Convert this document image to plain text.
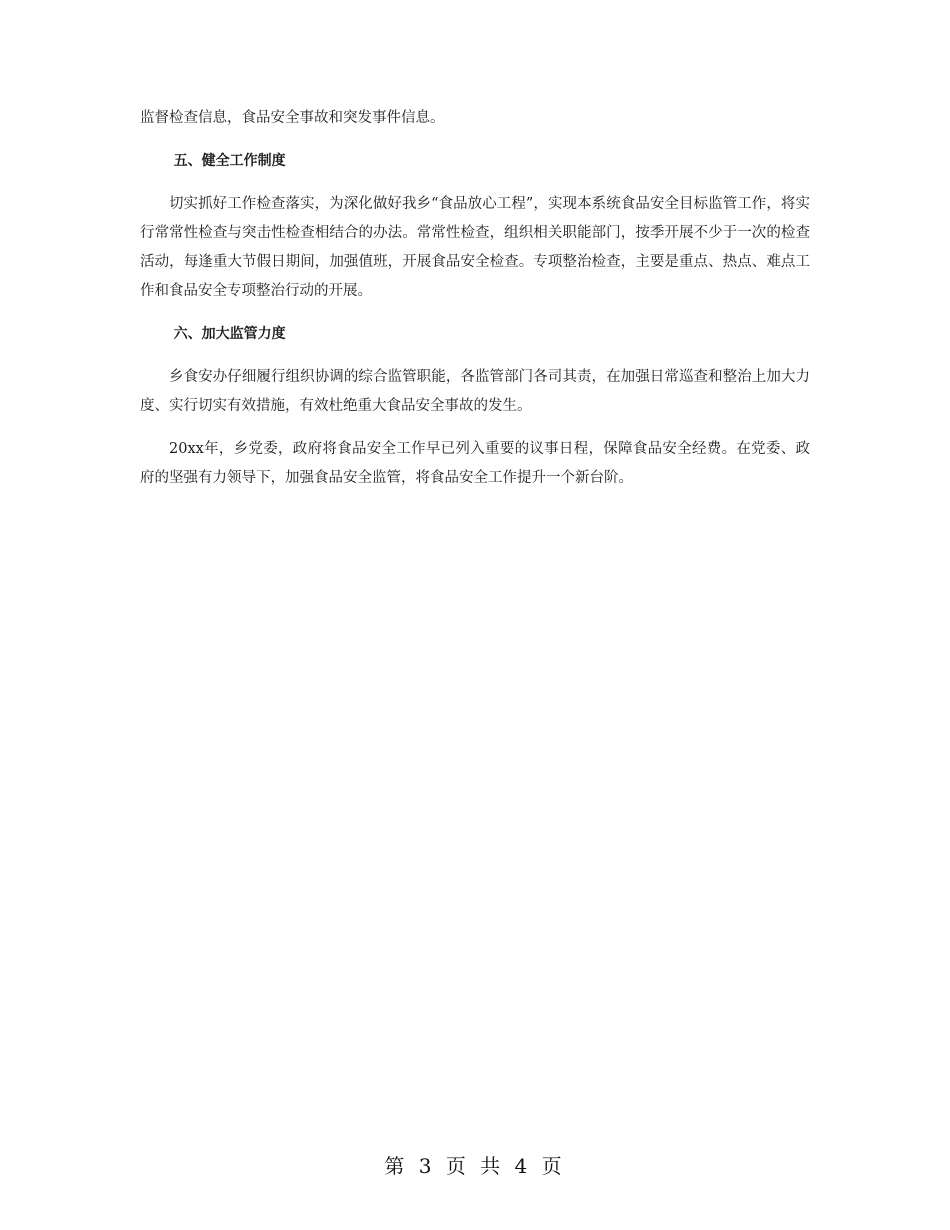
监督检查信息，食品安全事故和突发事件信息。

五、健全工作制度

切实抓好工作检查落实，为深化做好我乡“食品放心工程”，实现本系统食品安全目标监管工作，将实行常常性检查与突击性检查相结合的办法。常常性检查，组织相关职能部门，按季开展不少于一次的检查活动，每逢重大节假日期间，加强值班，开展食品安全检查。专项整治检查，主要是重点、热点、难点工作和食品安全专项整治行动的开展。

六、加大监管力度

乡食安办仔细履行组织协调的综合监管职能，各监管部门各司其责，在加强日常巡查和整治上加大力度、实行切实有效措施，有效杜绝重大食品安全事故的发生。

20xx年，乡党委，政府将食品安全工作早已列入重要的议事日程，保障食品安全经费。在党委、政府的坚强有力领导下，加强食品安全监管，将食品安全工作提升一个新台阶。

第 3 页 共 4 页
